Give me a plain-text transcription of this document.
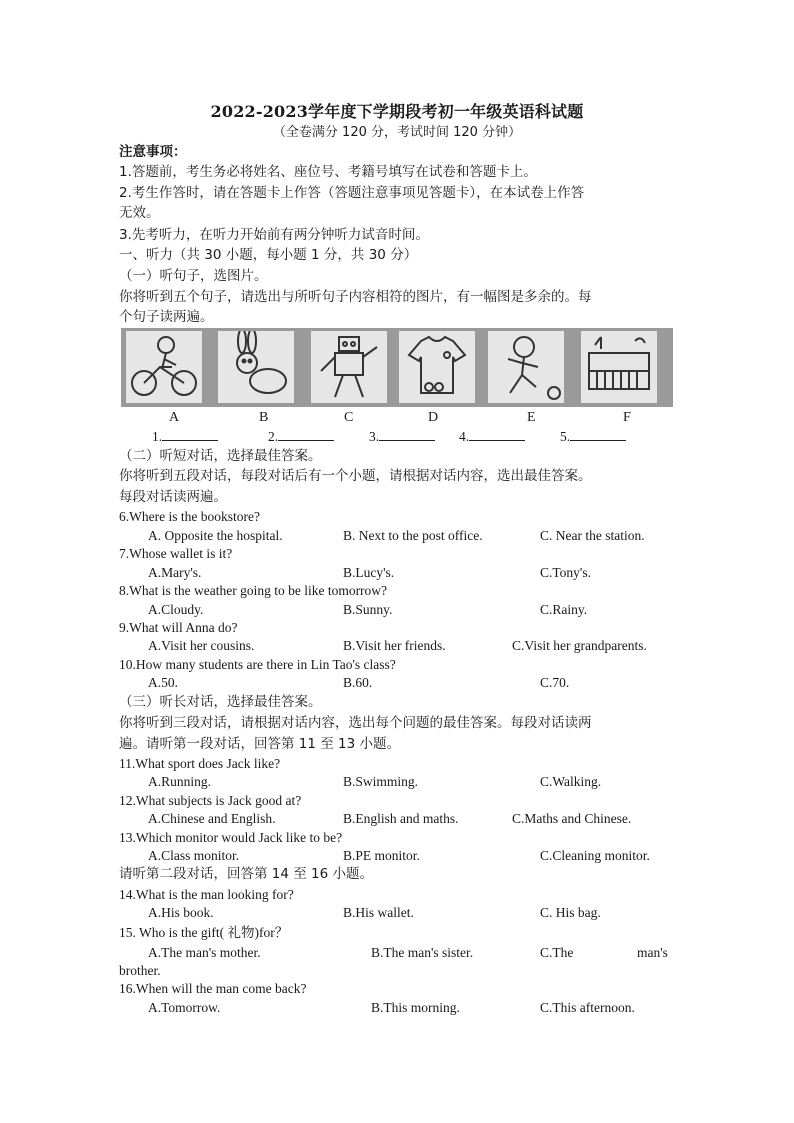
2022-2023学年度下学期段考初一年级英语科试题
（全卷满分 120 分，考试时间 120 分钟）
注意事项：
1.答题前，考生务必将姓名、座位号、考籍号填写在试卷和答题卡上。
2.考生作答时，请在答题卡上作答（答题注意事项见答题卡），在本试卷上作答
无效。
3.先考听力，在听力开始前有两分钟听力试音时间。
一、听力（共 30 小题，每小题 1 分，共 30 分）
（一）听句子，选图片。
你将听到五个句子，请选出与所听句子内容相符的图片，有一幅图是多余的。每
个句子读两遍。
A	B	C	D	E	F
1.	2.	3.	4.	5.
（二）听短对话，选择最佳答案。
你将听到五段对话，每段对话后有一个小题，请根据对话内容，选出最佳答案。
每段对话读两遍。
6.Where is the bookstore?
A. Opposite the hospital.	B. Next to the post office.	C. Near the station.
7.Whose wallet is it?
A.Mary's.	B.Lucy's.	C.Tony's.
8.What is the weather going to be like tomorrow?
A.Cloudy.	B.Sunny.	C.Rainy.
9.What will Anna do?
A.Visit her cousins.	B.Visit her friends.	C.Visit her grandparents.
10.How many students are there in Lin Tao's class?
A.50.	B.60.	C.70.
（三）听长对话，选择最佳答案。
你将听到三段对话，请根据对话内容，选出每个问题的最佳答案。每段对话读两
遍。请听第一段对话，回答第 11 至 13 小题。
11.What sport does Jack like?
A.Running.	B.Swimming.	C.Walking.
12.What subjects is Jack good at?
A.Chinese and English.	B.English and maths.	C.Maths and Chinese.
13.Which monitor would Jack like to be?
A.Class monitor.	B.PE monitor.	C.Cleaning monitor.
请听第二段对话，回答第 14 至 16 小题。
14.What is the man looking for?
A.His book.	B.His wallet.	C. His bag.
15. Who is the gift( 礼物)for？
A.The man's mother.	B.The man's sister.	C.The	man's
brother.
16.When will the man come back?
A.Tomorrow.	B.This morning.	C.This afternoon.
